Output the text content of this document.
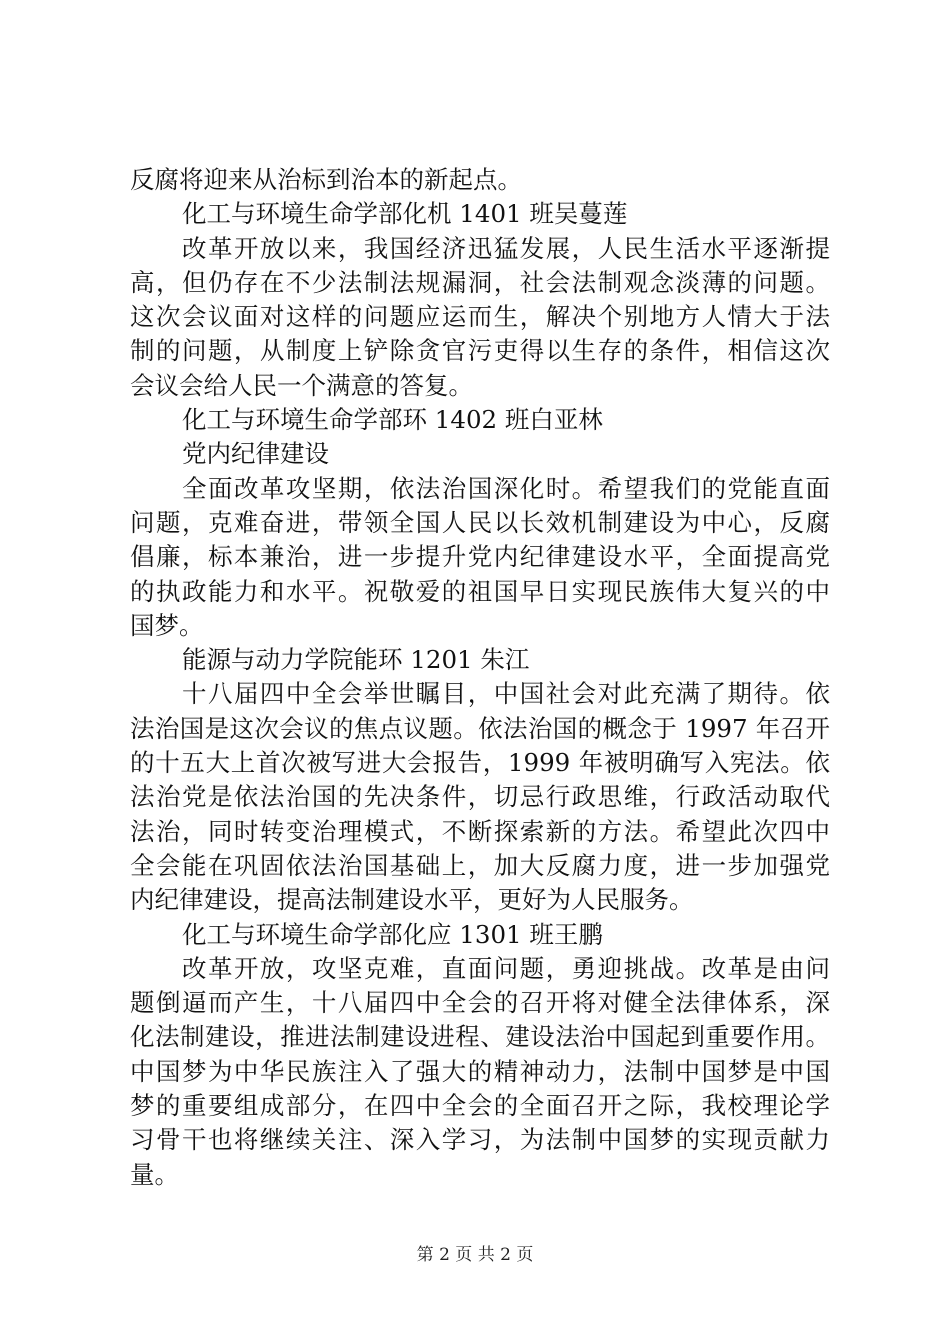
反腐将迎来从治标到治本的新起点。
化工与环境生命学部化机 1401 班吴蔓莲
改革开放以来，我国经济迅猛发展，人民生活水平逐渐提
高，但仍存在不少法制法规漏洞，社会法制观念淡薄的问题。
这次会议面对这样的问题应运而生，解决个别地方人情大于法
制的问题，从制度上铲除贪官污吏得以生存的条件，相信这次
会议会给人民一个满意的答复。
化工与环境生命学部环 1402 班白亚林
党内纪律建设
全面改革攻坚期，依法治国深化时。希望我们的党能直面
问题，克难奋进，带领全国人民以长效机制建设为中心，反腐
倡廉，标本兼治，进一步提升党内纪律建设水平，全面提高党
的执政能力和水平。祝敬爱的祖国早日实现民族伟大复兴的中
国梦。
能源与动力学院能环 1201 朱江
十八届四中全会举世瞩目，中国社会对此充满了期待。依
法治国是这次会议的焦点议题。依法治国的概念于 1997 年召开
的十五大上首次被写进大会报告，1999 年被明确写入宪法。依
法治党是依法治国的先决条件，切忌行政思维，行政活动取代
法治，同时转变治理模式，不断探索新的方法。希望此次四中
全会能在巩固依法治国基础上，加大反腐力度，进一步加强党
内纪律建设，提高法制建设水平，更好为人民服务。
化工与环境生命学部化应 1301 班王鹏
改革开放，攻坚克难，直面问题，勇迎挑战。改革是由问
题倒逼而产生，十八届四中全会的召开将对健全法律体系，深
化法制建设，推进法制建设进程、建设法治中国起到重要作用。
中国梦为中华民族注入了强大的精神动力，法制中国梦是中国
梦的重要组成部分，在四中全会的全面召开之际，我校理论学
习骨干也将继续关注、深入学习，为法制中国梦的实现贡献力
量。
第 2 页 共 2 页
